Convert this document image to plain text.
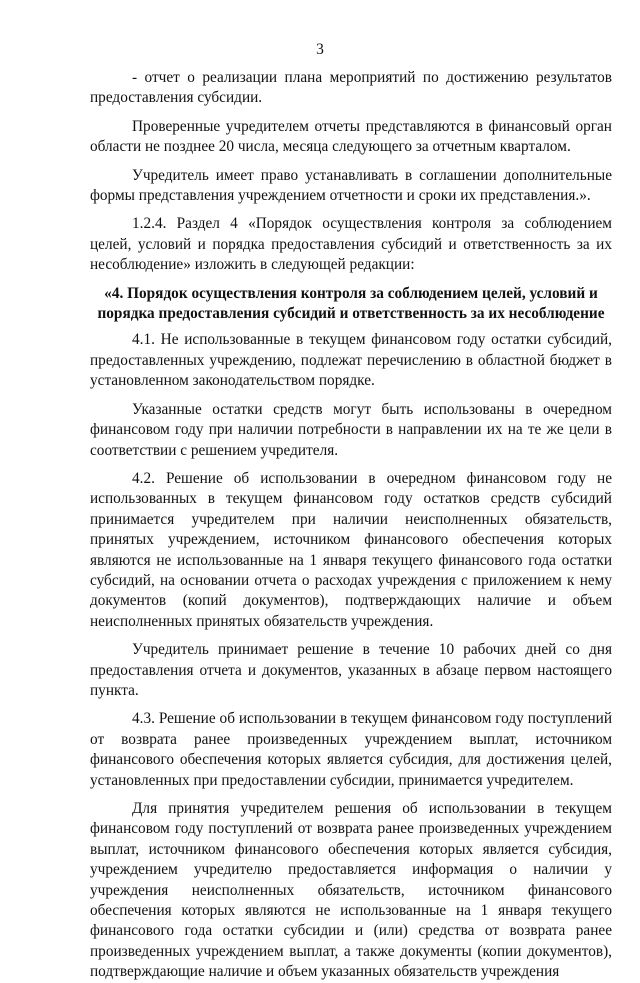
3

- отчет о реализации плана мероприятий по достижению результатов предоставления субсидии.

Проверенные учредителем отчеты представляются в финансовый орган области не позднее 20 числа, месяца следующего за отчетным кварталом.

Учредитель имеет право устанавливать в соглашении дополнительные формы представления учреждением отчетности и сроки их представления.».

1.2.4. Раздел 4 «Порядок осуществления контроля за соблюдением целей, условий и порядка предоставления субсидий и ответственность за их несоблюдение» изложить в следующей редакции:

«4. Порядок осуществления контроля за соблюдением целей, условий и порядка предоставления субсидий и ответственность за их несоблюдение

4.1. Не использованные в текущем финансовом году остатки субсидий, предоставленных учреждению, подлежат перечислению в областной бюджет в установленном законодательством порядке.

Указанные остатки средств могут быть использованы в очередном финансовом году при наличии потребности в направлении их на те же цели в соответствии с решением учредителя.

4.2. Решение об использовании в очередном финансовом году не использованных в текущем финансовом году остатков средств субсидий принимается учредителем при наличии неисполненных обязательств, принятых учреждением, источником финансового обеспечения которых являются не использованные на 1 января текущего финансового года остатки субсидий, на основании отчета о расходах учреждения с приложением к нему документов (копий документов), подтверждающих наличие и объем неисполненных принятых обязательств учреждения.

Учредитель принимает решение в течение 10 рабочих дней со дня предоставления отчета и документов, указанных в абзаце первом настоящего пункта.

4.3. Решение об использовании в текущем финансовом году поступлений от возврата ранее произведенных учреждением выплат, источником финансового обеспечения которых является субсидия, для достижения целей, установленных при предоставлении субсидии, принимается учредителем.

Для принятия учредителем решения об использовании в текущем финансовом году поступлений от возврата ранее произведенных учреждением выплат, источником финансового обеспечения которых является субсидия, учреждением учредителю предоставляется информация о наличии у учреждения неисполненных обязательств, источником финансового обеспечения которых являются не использованные на 1 января текущего финансового года остатки субсидии и (или) средства от возврата ранее произведенных учреждением выплат, а также документы (копии документов), подтверждающие наличие и объем указанных обязательств учреждения
